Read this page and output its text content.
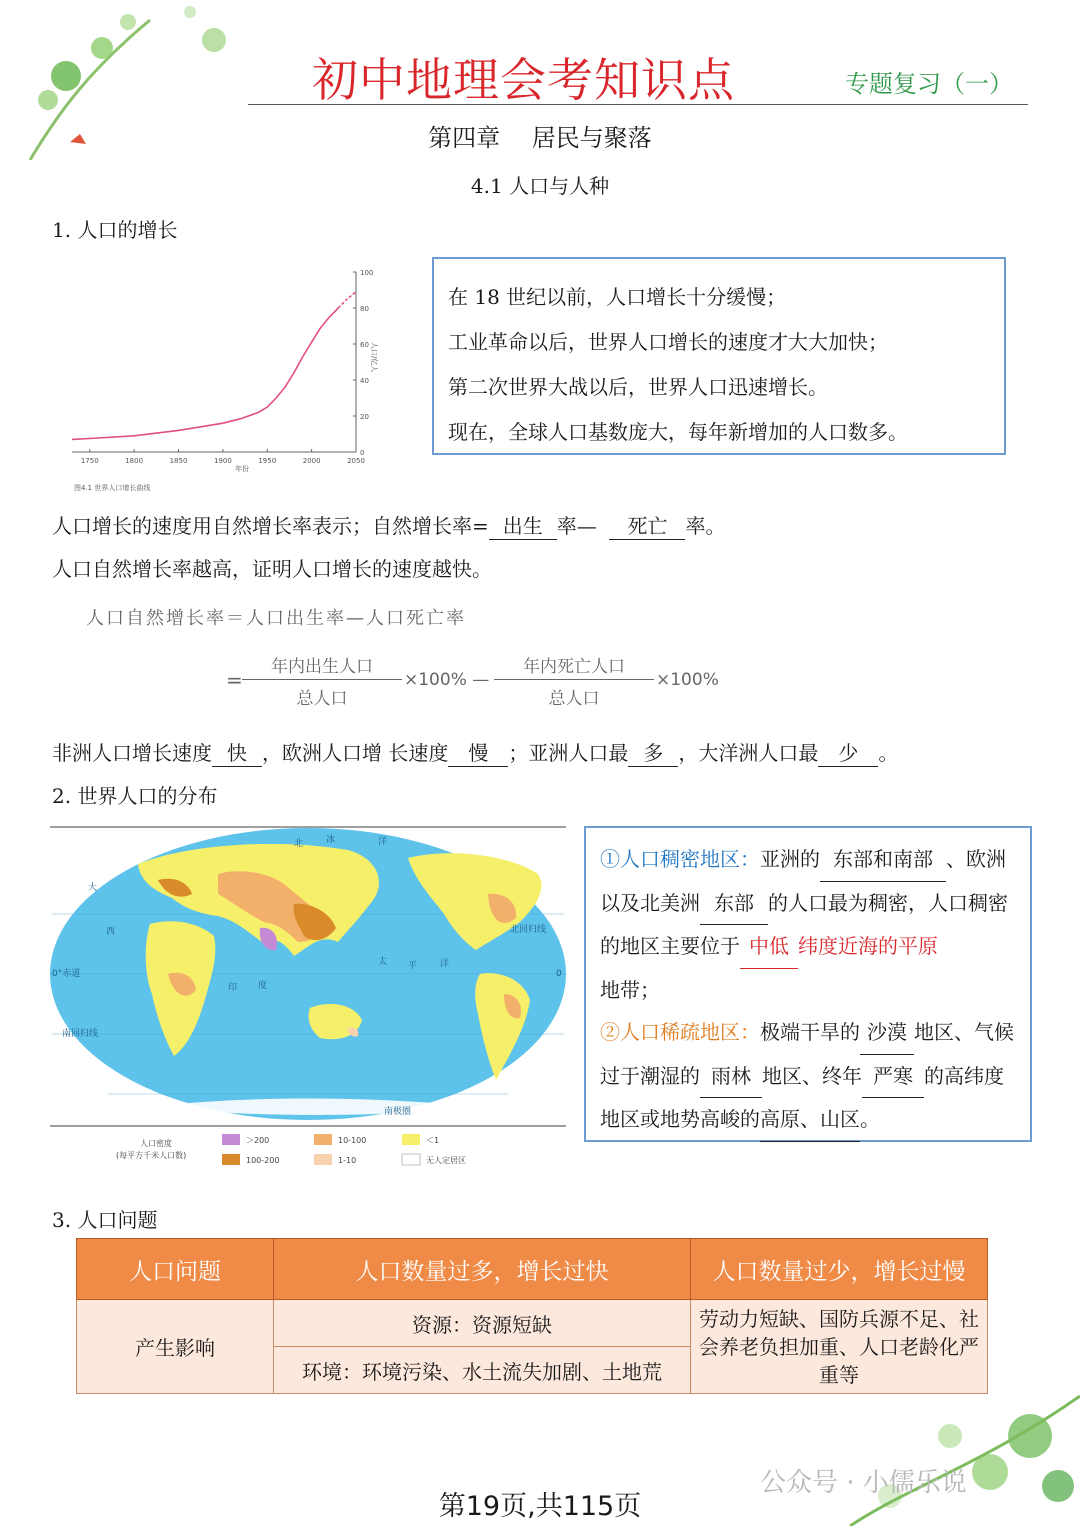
初中地理会考知识点	专题复习（一）
第四章　 居民与聚落
4.1 人口与人种
1. 人口的增长
1750	1800	1850	1900	1950	2000	2050
0
20
40
60
80
100
年份
人口/亿人
图4.1 世界人口增长曲线
在 18 世纪以前，人口增长十分缓慢；
工业革命以后，世界人口增长的速度才大大加快；
第二次世界大战以后，世界人口迅速增长。
现在，全球人口基数庞大，每年新增加的人口数多。
人口增长的速度用自然增长率表示；自然增长率= 出生 率— 死亡 率。
人口自然增长率越高，证明人口增长的速度越快。
人口自然增长率＝人口出生率—人口死亡率
=
年内出生人口
总人口
×100% —
年内死亡人口
总人口
×100%
非洲人口增长速度 快 ，欧洲人口增 长速度 慢 ；亚洲人口最 多 ，大洋洲人口最 少 。
2. 世界人口的分布
北	冰	洋
大
西
印 度
太 平	洋
0°赤道
北回归线
南回归线
南极圈
0
人口密度
(每平方千米人口数)
＞200
100-200
10-100
1-10
＜1
无人定居区
①人口稠密地区：亚洲的 东部和南部 、欧洲以及北美洲 东部 的人口最为稠密，人口稠密的地区主要位于 中低 纬度近海的平原
地带；
②人口稀疏地区：极端干旱的 沙漠 地区、气候过于潮湿的 雨林 地区、终年 严寒 的高纬度地区或地势高峻的高原、山区。
3. 人口问题
人口问题	人口数量过多，增长过快	人口数量过少，增长过慢
产生影响	资源：资源短缺	劳动力短缺、国防兵源不足、社会养老负担加重、人口老龄化严重等
	环境：环境污染、水土流失加剧、土地荒	
公众号 · 小儒乐说
第19页,共115页
